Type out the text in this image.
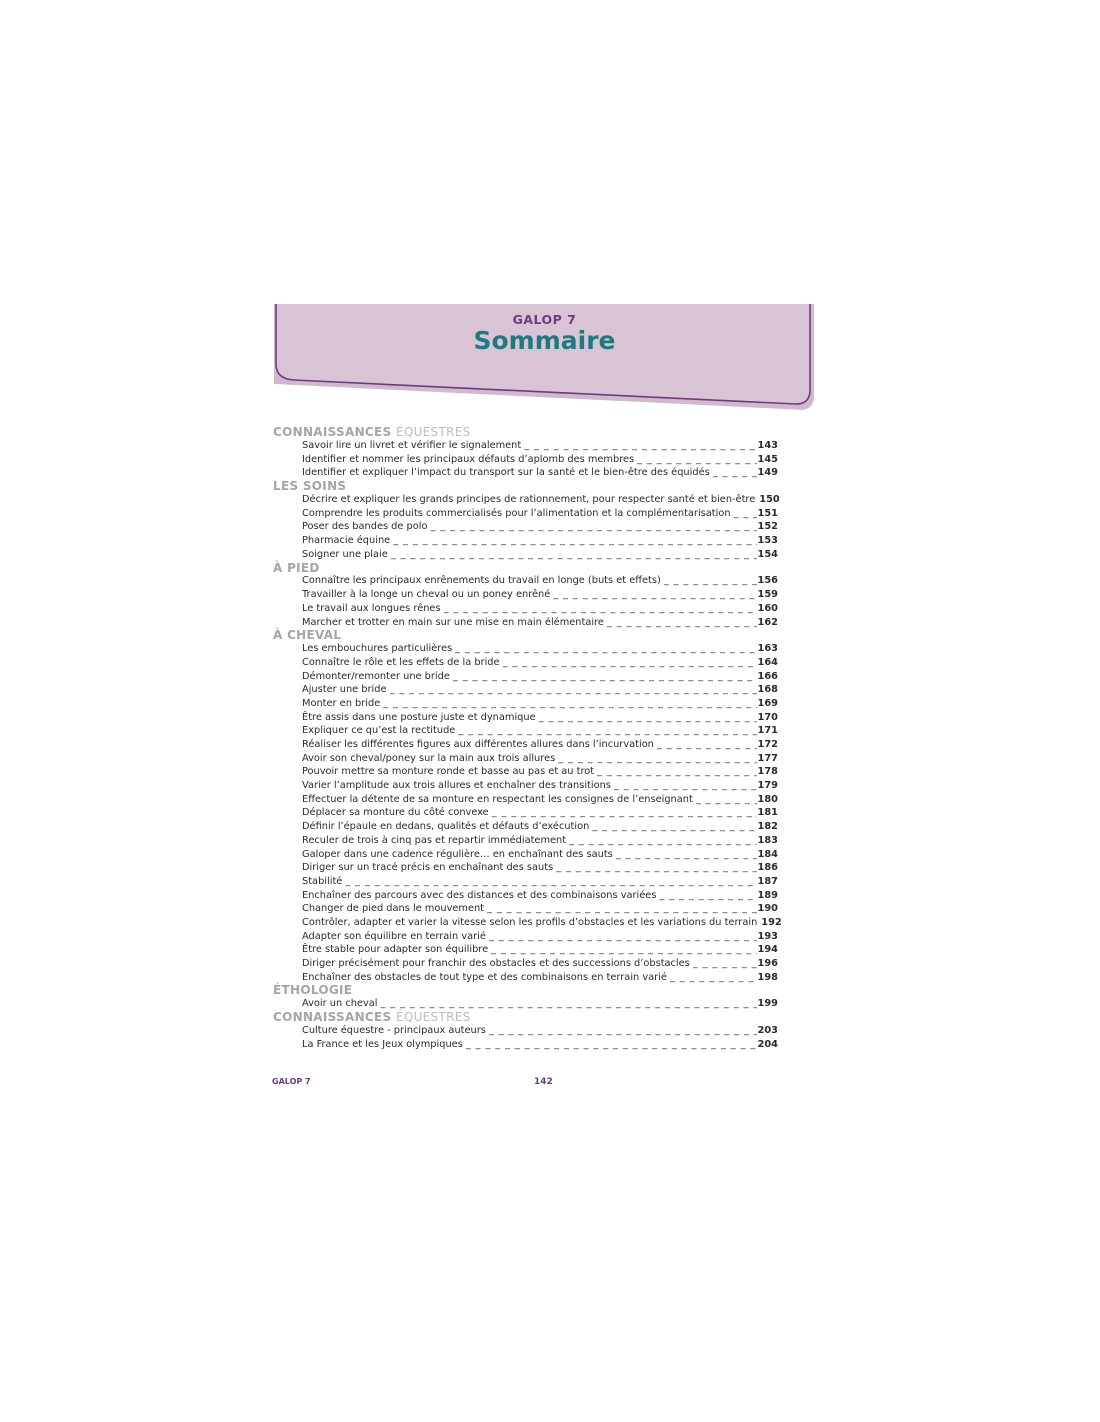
GALOP 7
Sommaire
CONNAISSANCES ÉQUESTRES
Savoir lire un livret et vérifier le signalement _ _ _	143
Identifier et nommer les principaux défauts d’aplomb des membres _ _ _	145
Identifier et expliquer l’impact du transport sur la santé et le bien-être des équidés _ _ _	149
LES SOINS
Décrire et expliquer les grands principes de rationnement, pour respecter santé et bien-être 150
Comprendre les produits commercialisés pour l’alimentation et la complémentarisation _ _ _	151
Poser des bandes de polo _ _ _	152
Pharmacie équine _ _ _	153
Soigner une plaie _ _ _	154
À PIED
Connaître les principaux enrênements du travail en longe (buts et effets) _ _ _	156
Travailler à la longe un cheval ou un poney enrêné _ _ _	159
Le travail aux longues rênes _ _ _	160
Marcher et trotter en main sur une mise en main élémentaire _ _ _	162
À CHEVAL
Les embouchures particulières _ _ _	163
Connaître le rôle et les effets de la bride _ _ _	164
Démonter/remonter une bride _ _ _	166
Ajuster une bride _ _ _	168
Monter en bride _ _ _	169
Être assis dans une posture juste et dynamique _ _ _	170
Expliquer ce qu’est la rectitude _ _ _	171
Réaliser les différentes figures aux différentes allures dans l’incurvation _ _ _	172
Avoir son cheval/poney sur la main aux trois allures _ _ _	177
Pouvoir mettre sa monture ronde et basse au pas et au trot _ _ _	178
Varier l’amplitude aux trois allures et enchaîner des transitions _ _ _	179
Effectuer la détente de sa monture en respectant les consignes de l’enseignant _ _ _	180
Déplacer sa monture du côté convexe _ _ _	181
Définir l’épaule en dedans, qualités et défauts d’exécution _ _ _	182
Reculer de trois à cinq pas et repartir immédiatement _ _ _	183
Galoper dans une cadence régulière… en enchaînant des sauts _ _ _	184
Diriger sur un tracé précis en enchaînant des sauts _ _ _	186
Stabilité _ _ _	187
Enchaîner des parcours avec des distances et des combinaisons variées _ _ _	189
Changer de pied dans le mouvement _ _ _	190
Contrôler, adapter et varier la vitesse selon les profils d’obstacles et les variations du terrain 192
Adapter son équilibre en terrain varié _ _ _	193
Être stable pour adapter son équilibre _ _ _	194
Diriger précisément pour franchir des obstacles et des successions d’obstacles _ _ _	196
Enchaîner des obstacles de tout type et des combinaisons en terrain varié _ _ _	198
ÉTHOLOGIE
Avoir un cheval _ _ _	199
CONNAISSANCES ÉQUESTRES
Culture équestre - principaux auteurs _ _ _	203
La France et les Jeux olympiques _ _ _	204
GALOP 7	142
